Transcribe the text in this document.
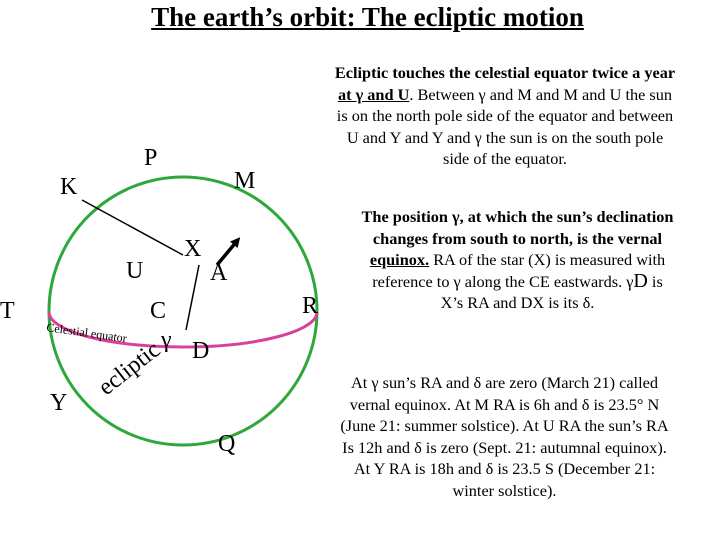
The earth’s orbit: The ecliptic motion
P
K	M
X
U	A
C
T
γ D
Y
Q
Celestial equator
ecliptic
Ecliptic touches the celestial equator twice a year
at γ and U. Between γ and M and M and U the sun
is on the north pole side of the equator and between
U and Y and Y and γ the sun is on the south pole
side of the equator.
The position γ, at which the sun’s declination
changes from south to north, is the vernal
equinox. RA of the star (X) is measured with
reference to γ along the CE eastwards. γD is
X’s RA and DX is its δ.
R
At γ sun’s RA and δ are zero (March 21) called
vernal equinox. At M RA is 6h and δ is 23.5° N
(June 21: summer solstice). At U RA the sun’s RA
Is 12h and δ is zero (Sept. 21: autumnal equinox).
At Y RA is 18h and δ is 23.5 S (December 21:
winter solstice).
